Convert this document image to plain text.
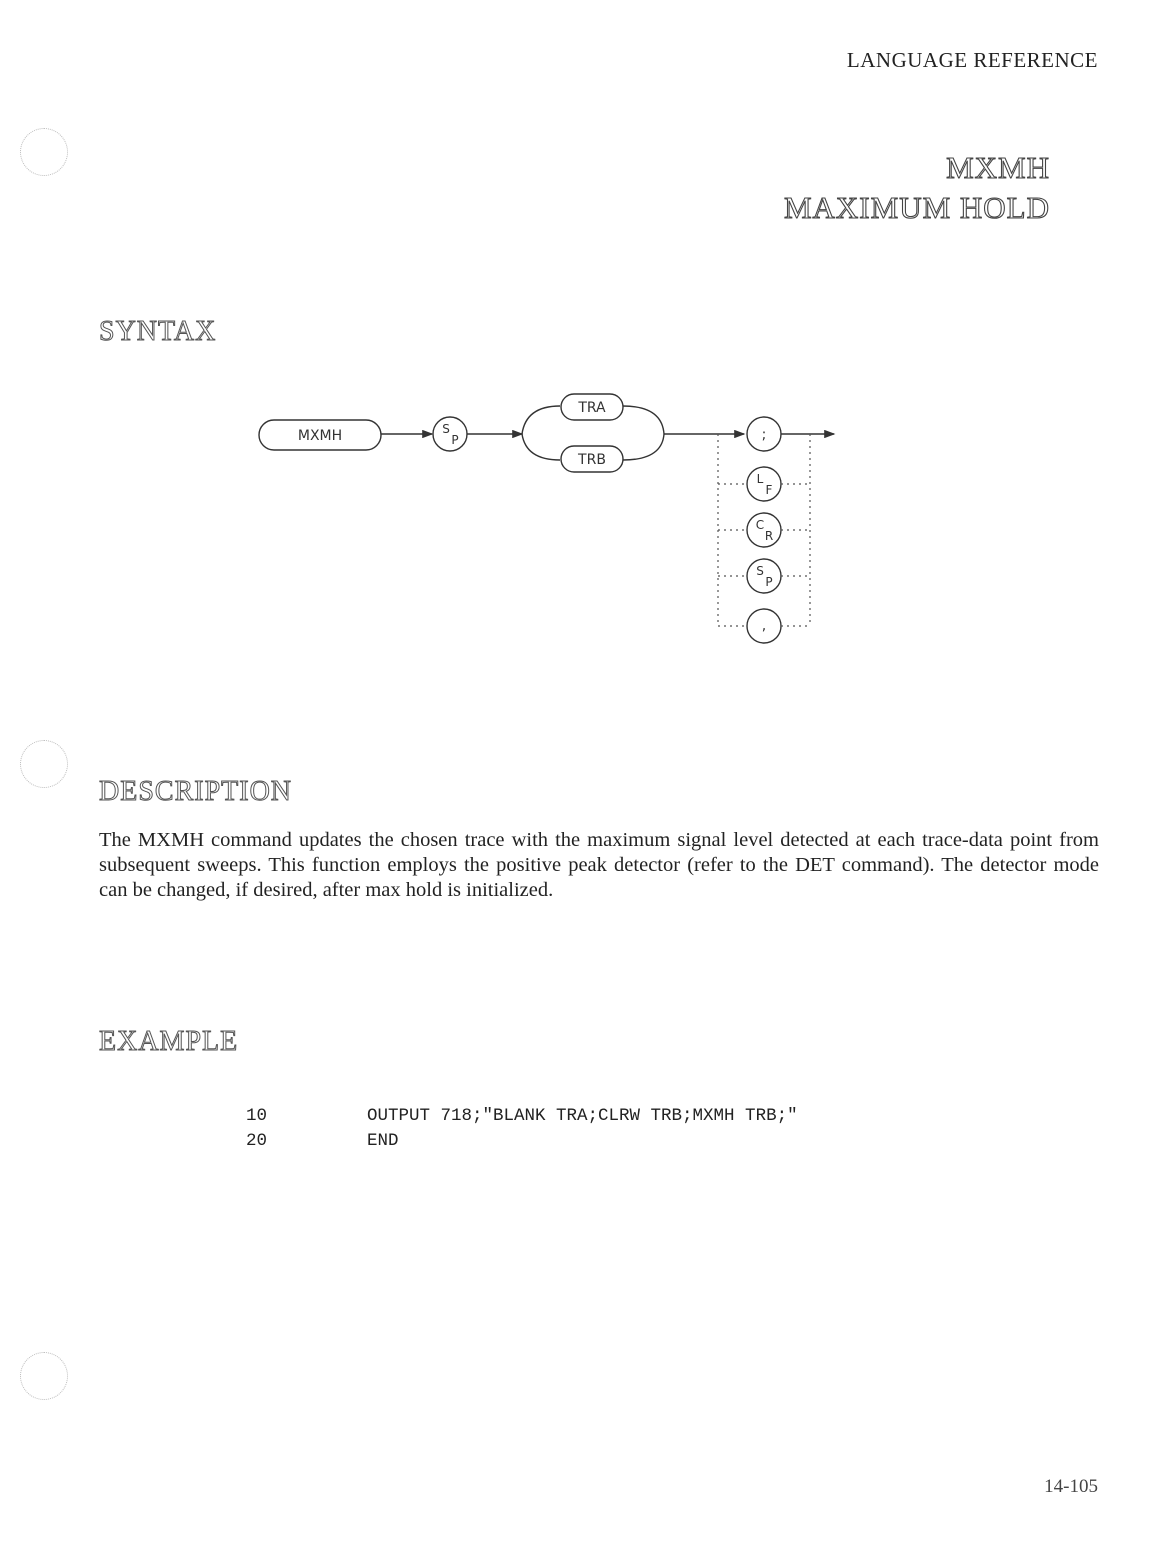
LANGUAGE REFERENCE
MXMH
MAXIMUM HOLD
SYNTAX
MXMH	S
P
TRA
TRB
;
L
F
C
R
S
P
,
DESCRIPTION
The MXMH command updates the chosen trace with the maximum signal level detected at each trace-data point from subsequent sweeps. This function employs the positive peak detector (refer to the DET command). The detector mode can be changed, if desired, after max hold is initialized.
EXAMPLE
10	OUTPUT 718;"BLANK TRA;CLRW TRB;MXMH TRB;"
20	END
14-105
